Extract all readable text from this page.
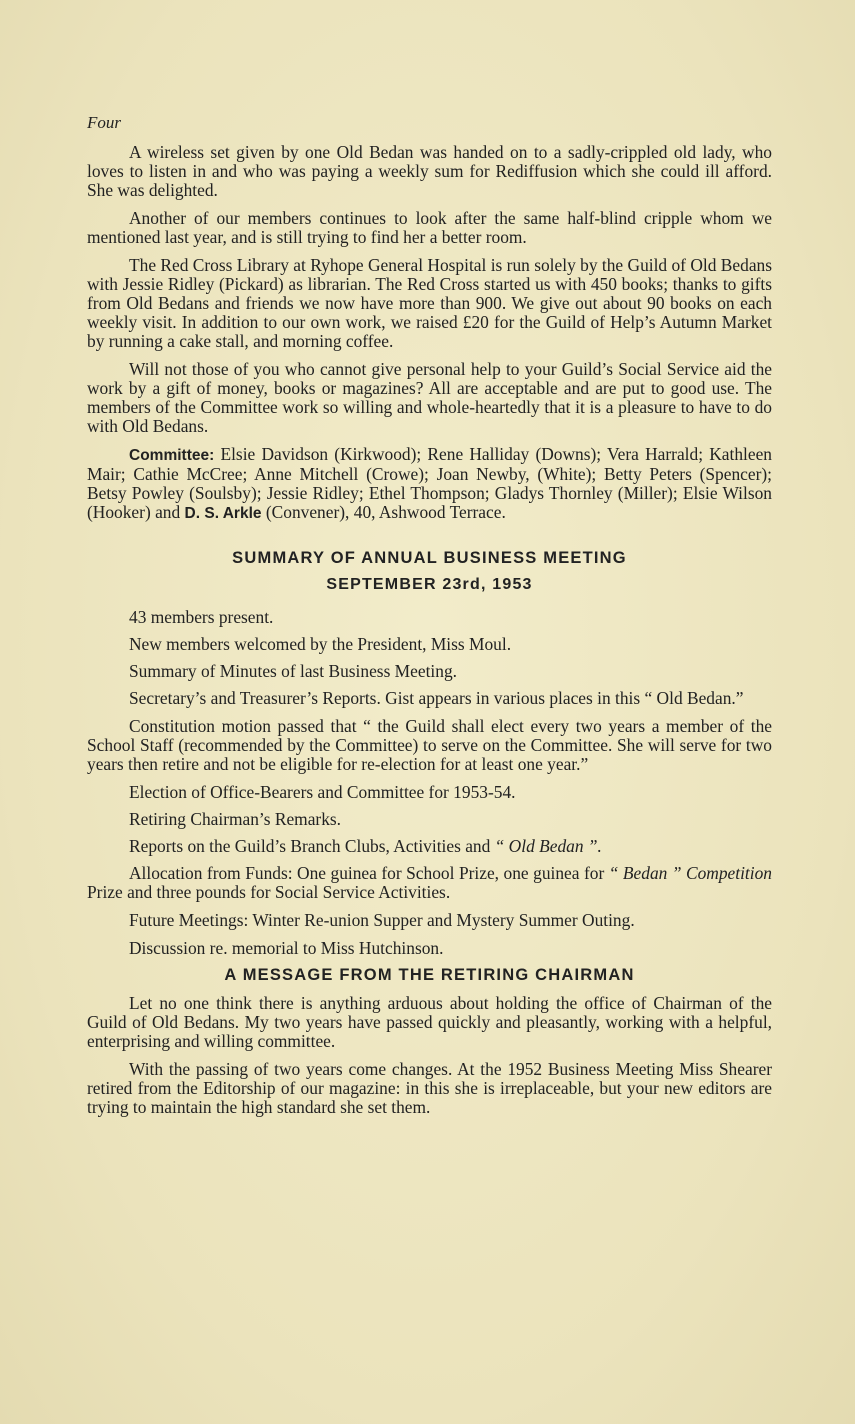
Four

A wireless set given by one Old Bedan was handed on to a sadly-crippled old lady, who loves to listen in and who was paying a weekly sum for Rediffusion which she could ill afford. She was delighted.

Another of our members continues to look after the same half-blind cripple whom we mentioned last year, and is still trying to find her a better room.

The Red Cross Library at Ryhope General Hospital is run solely by the Guild of Old Bedans with Jessie Ridley (Pickard) as librarian. The Red Cross started us with 450 books; thanks to gifts from Old Bedans and friends we now have more than 900. We give out about 90 books on each weekly visit. In addition to our own work, we raised £20 for the Guild of Help’s Autumn Market by running a cake stall, and morning coffee.

Will not those of you who cannot give personal help to your Guild’s Social Service aid the work by a gift of money, books or magazines? All are acceptable and are put to good use. The members of the Committee work so willing and whole-heartedly that it is a pleasure to have to do with Old Bedans.

Committee: Elsie Davidson (Kirkwood); Rene Halliday (Downs); Vera Harrald; Kathleen Mair; Cathie McCree; Anne Mitchell (Crowe); Joan Newby, (White); Betty Peters (Spencer); Betsy Powley (Soulsby); Jessie Ridley; Ethel Thompson; Gladys Thornley (Miller); Elsie Wilson (Hooker) and D. S. Arkle (Convener), 40, Ashwood Terrace.

SUMMARY OF ANNUAL BUSINESS MEETING
SEPTEMBER 23rd, 1953

43 members present.

New members welcomed by the President, Miss Moul.

Summary of Minutes of last Business Meeting.

Secretary’s and Treasurer’s Reports. Gist appears in various places in this “ Old Bedan.”

Constitution motion passed that “ the Guild shall elect every two years a member of the School Staff (recommended by the Committee) to serve on the Committee. She will serve for two years then retire and not be eligible for re-election for at least one year.”

Election of Office-Bearers and Committee for 1953-54.

Retiring Chairman’s Remarks.

Reports on the Guild’s Branch Clubs, Activities and “ Old Bedan ”.

Allocation from Funds: One guinea for School Prize, one guinea for “ Bedan ” Competition Prize and three pounds for Social Service Activities.

Future Meetings: Winter Re-union Supper and Mystery Summer Outing.

Discussion re. memorial to Miss Hutchinson.

A MESSAGE FROM THE RETIRING CHAIRMAN

Let no one think there is anything arduous about holding the office of Chairman of the Guild of Old Bedans. My two years have passed quickly and pleasantly, working with a helpful, enterprising and willing committee.

With the passing of two years come changes. At the 1952 Business Meeting Miss Shearer retired from the Editorship of our magazine: in this she is irreplaceable, but your new editors are trying to maintain the high standard she set them.
